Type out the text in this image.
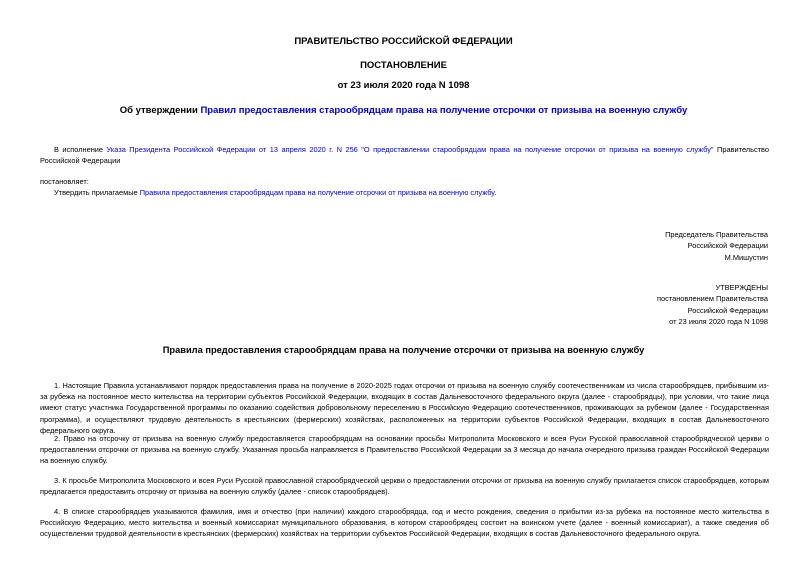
ПРАВИТЕЛЬСТВО РОССИЙСКОЙ ФЕДЕРАЦИИ
ПОСТАНОВЛЕНИЕ
от 23 июля 2020 года N 1098
Об утверждении Правил предоставления старообрядцам права на получение отсрочки от призыва на военную службу
В исполнение Указа Президента Российской Федерации от 13 апреля 2020 г. N 256 "О предоставлении старообрядцам права на получение отсрочки от призыва на военную службу" Правительство Российской Федерации
постановляет:
Утвердить прилагаемые Правила предоставления старообрядцам права на получение отсрочки от призыва на военную службу.
Председатель Правительства
Российской Федерации
М.Мишустин
УТВЕРЖДЕНЫ
постановлением Правительства
Российской Федерации
от 23 июля 2020 года N 1098
Правила предоставления старообрядцам права на получение отсрочки от призыва на военную службу
1. Настоящие Правила устанавливают порядок предоставления права на получение в 2020-2025 годах отсрочки от призыва на военную службу соотечественникам из числа старообрядцев, прибывшим из-за рубежа на постоянное место жительства на территории субъектов Российской Федерации, входящих в состав Дальневосточного федерального округа (далее - старообрядцы), при условии, что такие лица имеют статус участника Государственной программы по оказанию содействия добровольному переселению в Российскую Федерацию соотечественников, проживающих за рубежом (далее - Государственная программа), и осуществляют трудовую деятельность в крестьянских (фермерских) хозяйствах, расположенных на территории субъектов Российской Федерации, входящих в состав Дальневосточного федерального округа.
2. Право на отсрочку от призыва на военную службу предоставляется старообрядцам на основании просьбы Митрополита Московского и всея Руси Русской православной старообрядческой церкви о предоставлении отсрочки от призыва на военную службу. Указанная просьба направляется в Правительство Российской Федерации за 3 месяца до начала очередного призыва граждан Российской Федерации на военную службу.
3. К просьбе Митрополита Московского и всея Руси Русской православной старообрядческой церкви о предоставлении отсрочки от призыва на военную службу прилагается список старообрядцев, которым предлагается предоставить отсрочку от призыва на военную службу (далее - список старообрядцев).
4. В списке старообрядцев указываются фамилия, имя и отчество (при наличии) каждого старообрядца, год и место рождения, сведения о прибытии из-за рубежа на постоянное место жительства в Российскую Федерацию, место жительства и военный комиссариат муниципального образования, в котором старообрядец состоит на воинском учете (далее - военный комиссариат), а также сведения об осуществлении трудовой деятельности в крестьянских (фермерских) хозяйствах на территории субъектов Российской Федерации, входящих в состав Дальневосточного федерального округа.
